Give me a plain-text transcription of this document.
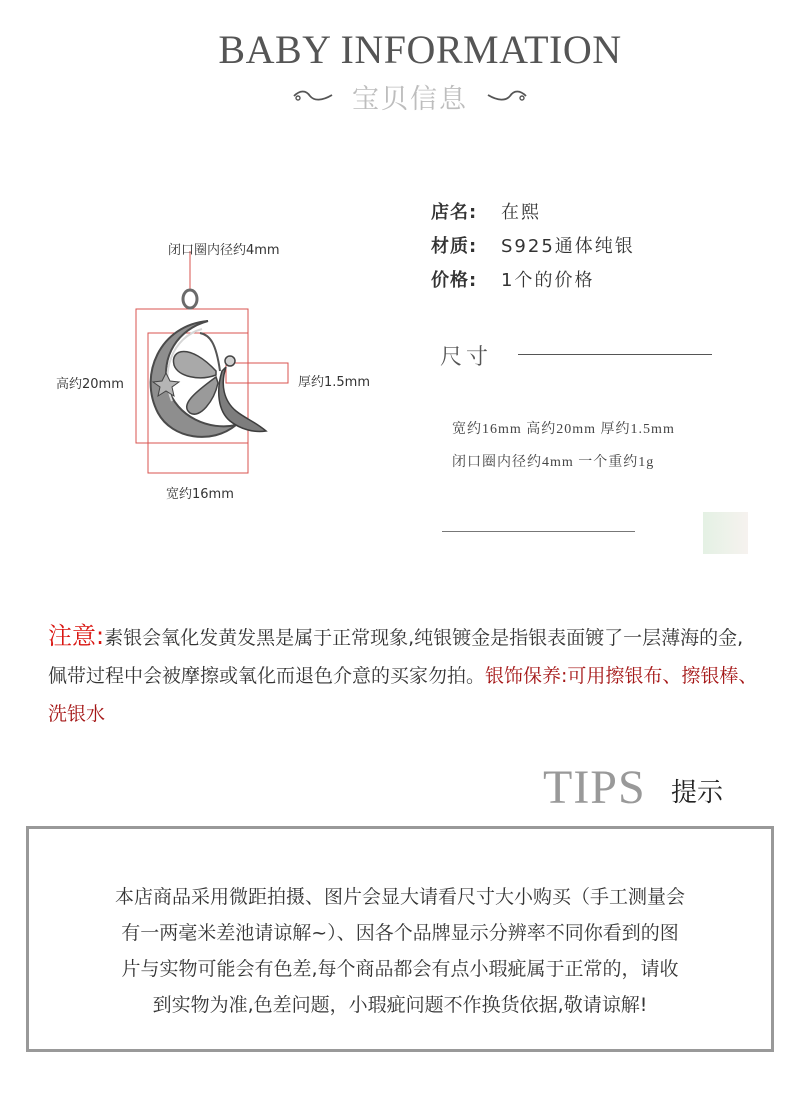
BABY INFORMATION
宝贝信息
闭口圈内径约4mm
高约20mm	厚约1.5mm
宽约16mm
店名:	在熙
材质:	S925通体纯银
价格:	1个的价格
尺寸
宽约16mm 高约20mm 厚约1.5mm
闭口圈内径约4mm 一个重约1g
注意:素银会氧化发黄发黑是属于正常现象,纯银镀金是指银表面镀了一层薄海的金,佩带过程中会被摩擦或氧化而退色介意的买家勿拍。银饰保养:可用擦银布、擦银棒、洗银水
TIPS 提示
本店商品采用微距拍摄、图片会显大请看尺寸大小购买（手工测量会
有一两毫米差池请谅解~）、因各个品牌显示分辨率不同你看到的图
片与实物可能会有色差,每个商品都会有点小瑕疵属于正常的，请收
到实物为准,色差问题，小瑕疵问题不作换货依据,敬请谅解!
